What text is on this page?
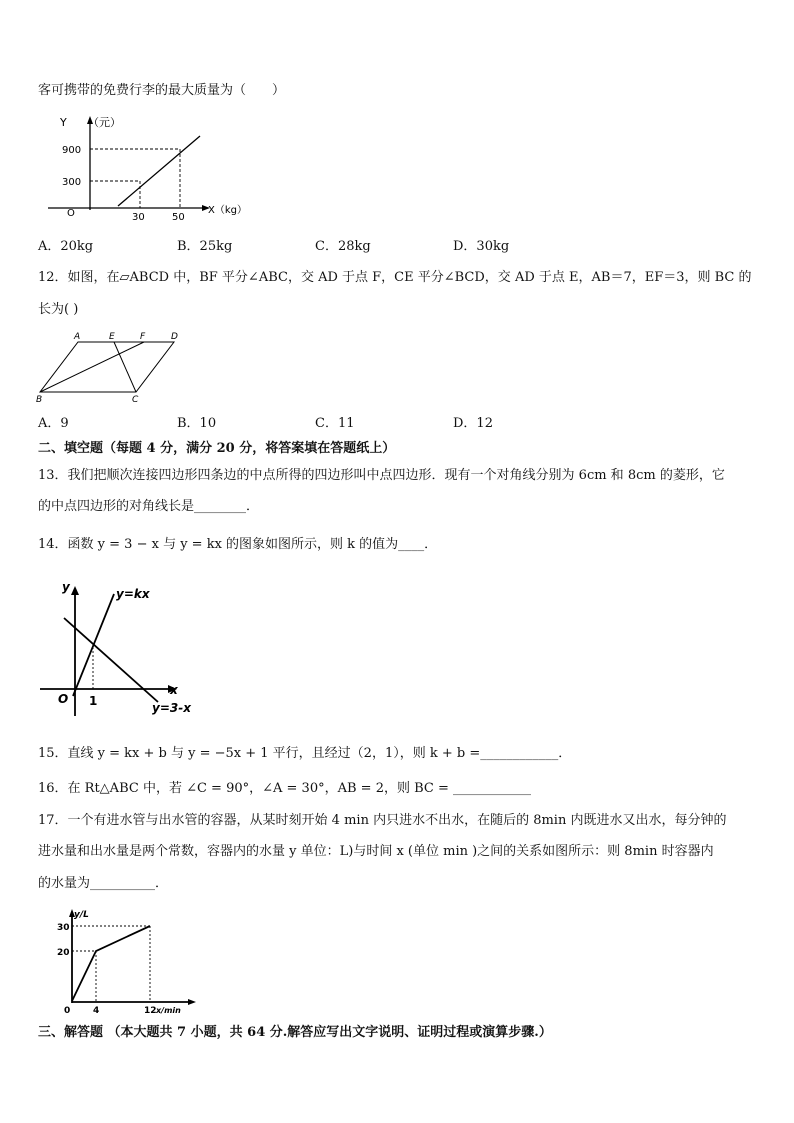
客可携带的免费行李的最大质量为（　　）
Y （元）
900
300
O	30	50
X（kg）
A．20kg	B．25kg	C．28kg	D．30kg
12．如图，在▱ABCD 中，BF 平分∠ABC，交 AD 于点 F，CE 平分∠BCD，交 AD 于点 E，AB＝7，EF＝3，则 BC 的
长为( )
A	E	F	D
B	C
A．9	B．10	C．11	D．12
二、填空题（每题 4 分，满分 20 分，将答案填在答题纸上）
13．我们把顺次连接四边形四条边的中点所得的四边形叫中点四边形．现有一个对角线分别为 6cm 和 8cm 的菱形，它
的中点四边形的对角线长是________．
14．函数 y = 3 − x 与 y = kx 的图象如图所示，则 k 的值为____．
y	y=kx
x
O 1	y=3-x
15．直线 y = kx + b 与 y = −5x + 1 平行，且经过（2，1），则 k + b =____________．
16．在 Rt△ABC 中，若 ∠C = 90°，∠A = 30°，AB = 2，则 BC = ____________
17．一个有进水管与出水管的容器，从某时刻开始 4 min 内只进水不出水，在随后的 8min 内既进水又出水，每分钟的
进水量和出水量是两个常数，容器内的水量 y 单位：L)与时间 x (单位 min )之间的关系如图所示：则 8min 时容器内
的水量为__________．
y/L
30
20
0	4	12 x/min
三、解答题 （本大题共 7 小题，共 64 分.解答应写出文字说明、证明过程或演算步骤.）
